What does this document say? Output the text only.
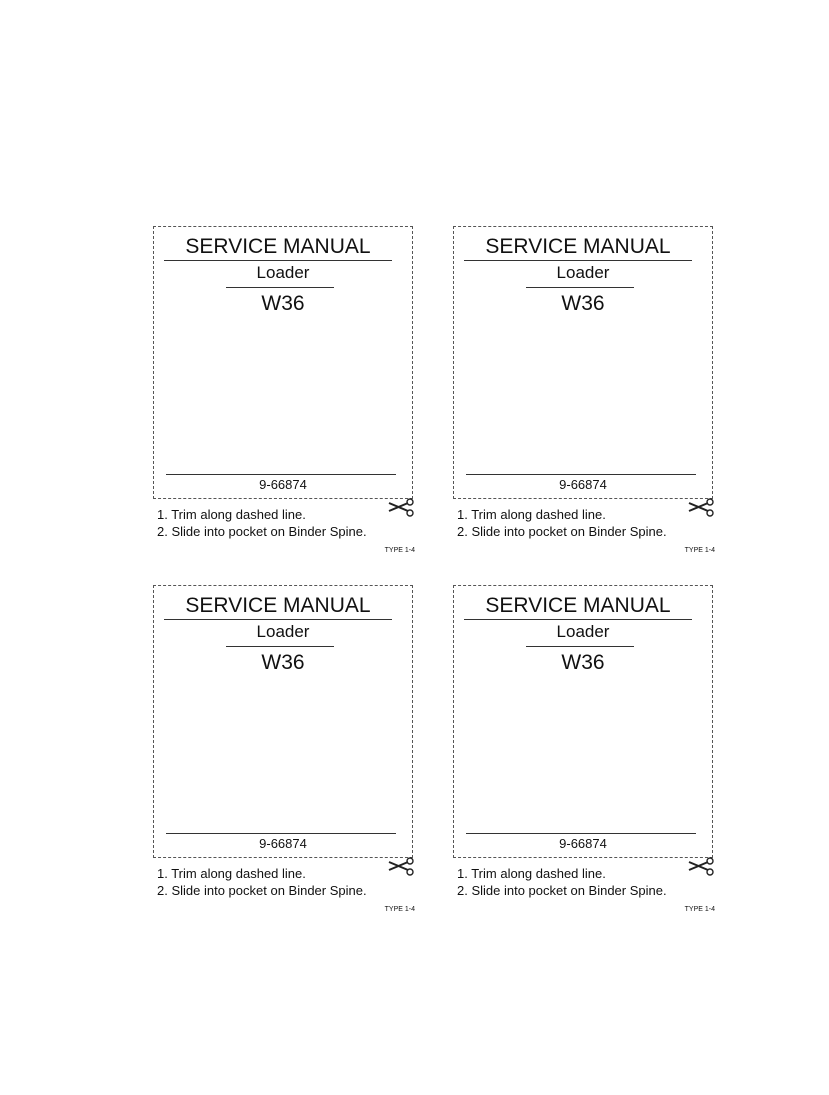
SERVICE MANUAL
Loader
W36
9-66874
1. Trim along dashed line.
2. Slide into pocket on Binder Spine.
TYPE 1-4
SERVICE MANUAL
Loader
W36
9-66874
1. Trim along dashed line.
2. Slide into pocket on Binder Spine.
TYPE 1-4
SERVICE MANUAL
Loader
W36
9-66874
1. Trim along dashed line.
2. Slide into pocket on Binder Spine.
TYPE 1-4
SERVICE MANUAL
Loader
W36
9-66874
1. Trim along dashed line.
2. Slide into pocket on Binder Spine.
TYPE 1-4
